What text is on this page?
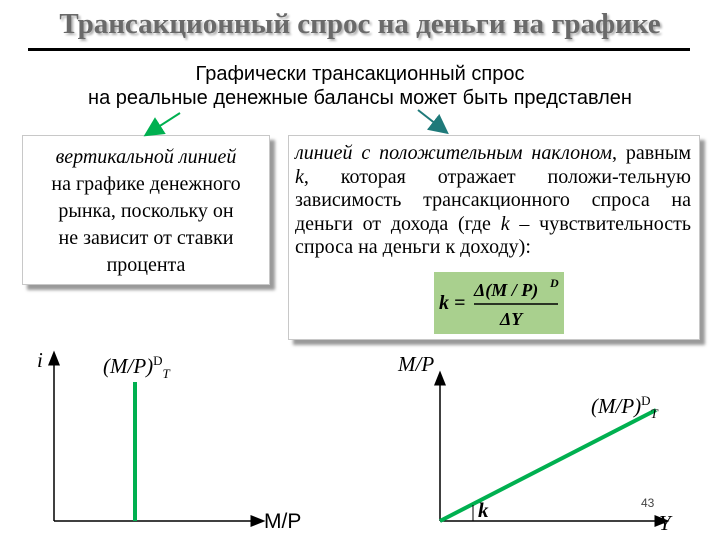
Трансакционный спрос на деньги на графике
Графически трансакционный спрос
на реальные денежные балансы может быть представлен
вертикальной линией
на графике денежного
рынка, поскольку он
не зависит от ставки
процента
линией с положительным наклоном, равным k, которая отражает положи-тельную зависимость трансакционного спроса на деньги от дохода (где k – чувствительность спроса на деньги к доходу):
k =
Δ(M / P) D
ΔY
i	$(M/P)^D_T$
M/P
M/P
$(M/P)^D_T$
k
Y
43
